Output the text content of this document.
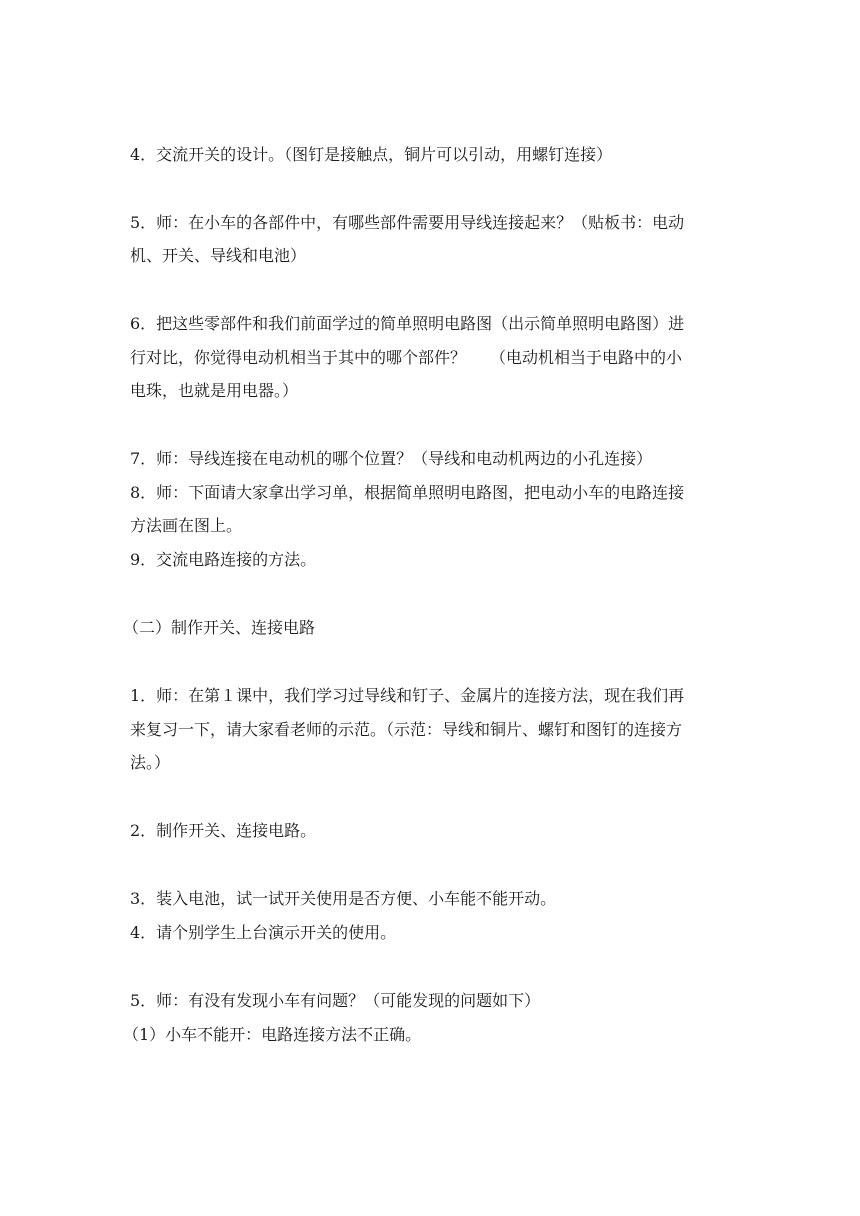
4．交流开关的设计。（图钉是接触点，铜片可以引动，用螺钉连接）
5．师：在小车的各部件中，有哪些部件需要用导线连接起来？（贴板书：电动
机、开关、导线和电池）
6．把这些零部件和我们前面学过的简单照明电路图（出示简单照明电路图）进
行对比，你觉得电动机相当于其中的哪个部件？　　（电动机相当于电路中的小
电珠，也就是用电器。）
7．师：导线连接在电动机的哪个位置？（导线和电动机两边的小孔连接）
8．师：下面请大家拿出学习单，根据简单照明电路图，把电动小车的电路连接
方法画在图上。
9．交流电路连接的方法。
（二）制作开关、连接电路
1．师：在第１课中，我们学习过导线和钉子、金属片的连接方法，现在我们再
来复习一下，请大家看老师的示范。（示范：导线和铜片、螺钉和图钉的连接方
法。）
2．制作开关、连接电路。
3．装入电池，试一试开关使用是否方便、小车能不能开动。
4．请个别学生上台演示开关的使用。
5．师：有没有发现小车有问题？（可能发现的问题如下）
（1）小车不能开：电路连接方法不正确。
